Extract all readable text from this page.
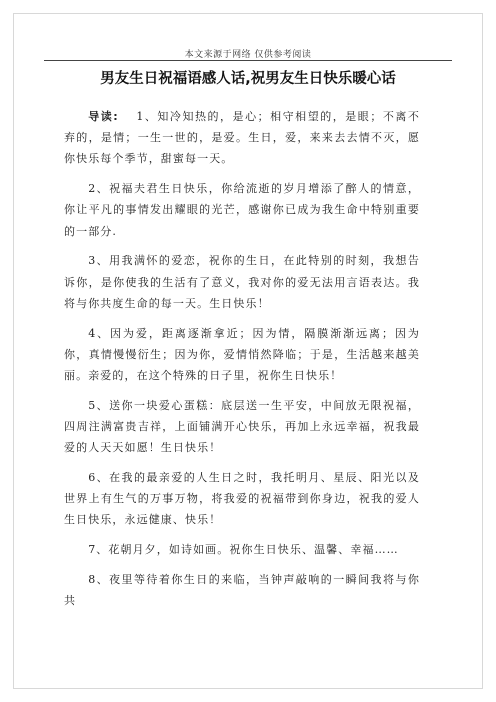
本文来源于网络 仅供参考阅读
男友生日祝福语感人话,祝男友生日快乐暖心话

导读: 1、知冷知热的，是心；相守相望的，是眼；不离不弃的，是情；一生一世的，是爱。生日，爱，来来去去情不灭，愿你快乐每个季节，甜蜜每一天。

2、祝福夫君生日快乐，你给流逝的岁月增添了醉人的情意，你让平凡的事情发出耀眼的光芒，感谢你已成为我生命中特别重要的一部分.

3、用我满怀的爱恋，祝你的生日，在此特别的时刻，我想告诉你，是你使我的生活有了意义，我对你的爱无法用言语表达。我将与你共度生命的每一天。生日快乐！

4、因为爱，距离逐渐拿近；因为情，隔膜渐渐远离；因为你，真情慢慢衍生；因为你，爱情悄然降临；于是，生活越来越美丽。亲爱的，在这个特殊的日子里，祝你生日快乐！

5、送你一块爱心蛋糕：底层送一生平安，中间放无限祝福，四周注满富贵吉祥，上面铺满开心快乐，再加上永远幸福，祝我最爱的人天天如愿！生日快乐！

6、在我的最亲爱的人生日之时，我托明月、星辰、阳光以及世界上有生气的万事万物，将我爱的祝福带到你身边，祝我的爱人生日快乐，永远健康、快乐！

7、花朝月夕，如诗如画。祝你生日快乐、温馨、幸福……

8、夜里等待着你生日的来临，当钟声敲响的一瞬间我将与你共
